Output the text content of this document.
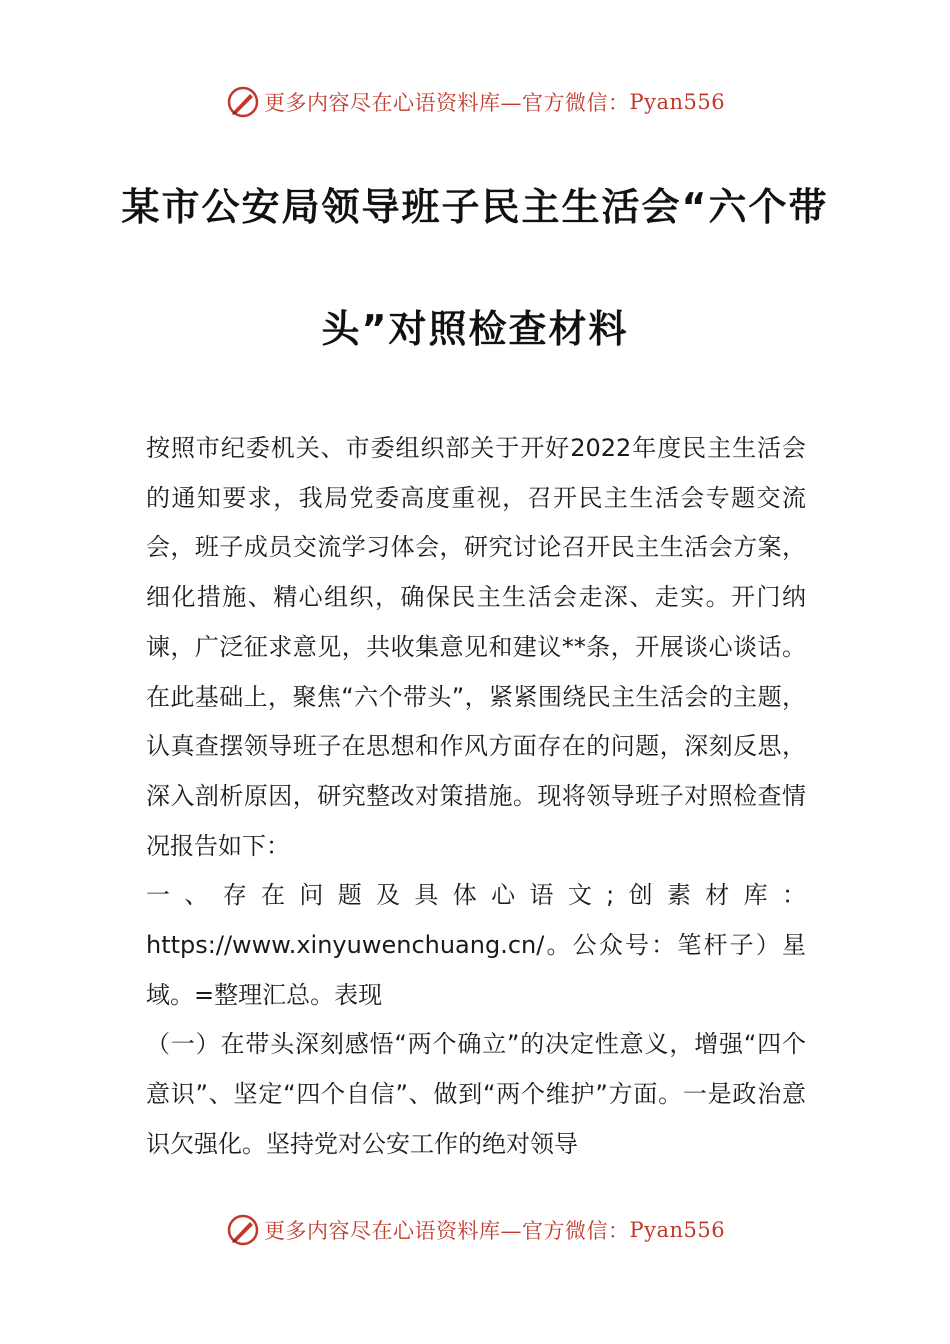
更多内容尽在心语资料库—官方微信： Pyan556
某市公安局领导班子民主生活会“六个带
头”对照检查材料

按照市纪委机关、市委组织部关于开好2022年度民主生活会的通知要求，我局党委高度重视，召开民主生活会专题交流会，班子成员交流学习体会，研究讨论召开民主生活会方案，细化措施、精心组织，确保民主生活会走深、走实。开门纳谏，广泛征求意见，共收集意见和建议**条，开展谈心谈话。在此基础上，聚焦“六个带头”，紧紧围绕民主生活会的主题，认真查摆领导班子在思想和作风方面存在的问题，深刻反思，深入剖析原因，研究整改对策措施。现将领导班子对照检查情况报告如下：

一、存在问题及具体心语文;创素材库：https://www.xinyuwenchuang.cn/。公众号：笔杆子）星域。=整理汇总。表现

（一）在带头深刻感悟“两个确立”的决定性意义，增强“四个意识”、坚定“四个自信”、做到“两个维护”方面。一是政治意识欠强化。坚持党对公安工作的绝对领导

更多内容尽在心语资料库—官方微信： Pyan556
